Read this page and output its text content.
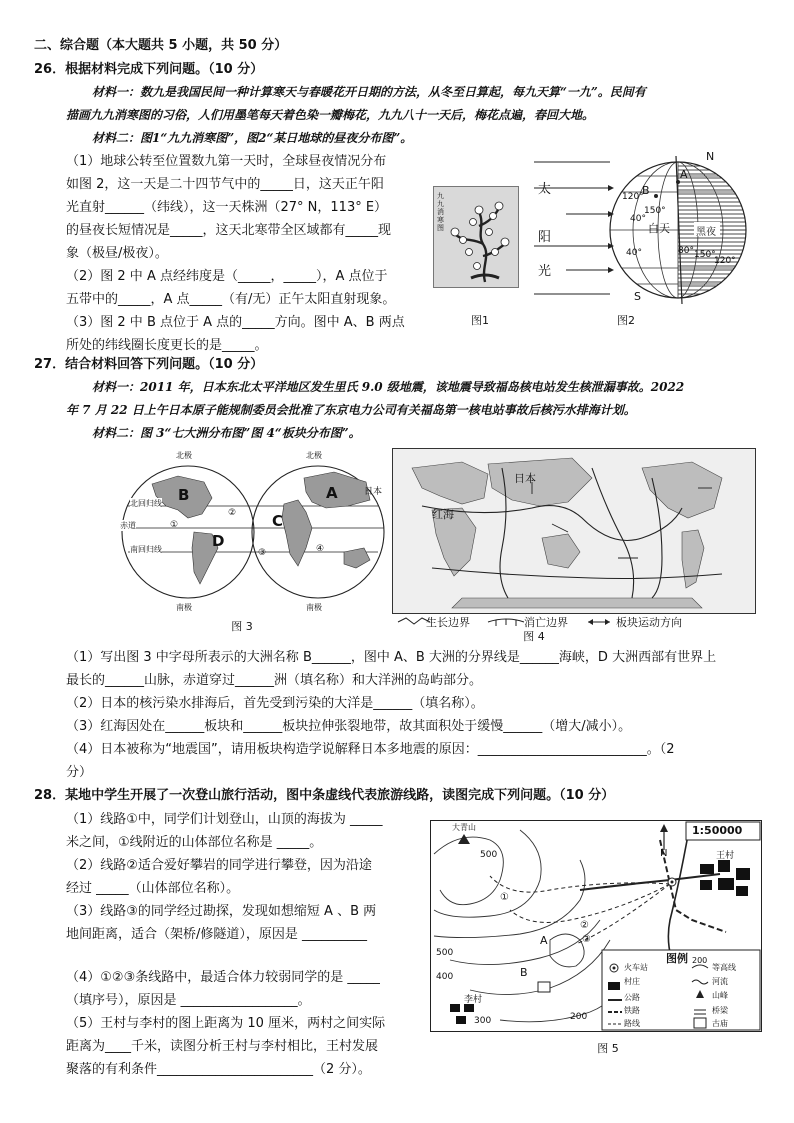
二、综合题（本大题共 5 小题，共 50 分）
26．根据材料完成下列问题。（10 分）
材料一：数九是我国民间一种计算寒天与春暖花开日期的方法，从冬至日算起，每九天算“一九”。民间有
描画九九消寒图的习俗，人们用墨笔每天着色染一瓣梅花，九九八十一天后，梅花点遍，春回大地。
材料二：图1“九九消寒图”，图2“某日地球的昼夜分布图”。
（1）地球公转至位置数九第一天时，全球昼夜情况分布
如图 2，这一天是二十四节气中的_____日，这天正午阳
光直射______（纬线），这一天株洲（27° N，113° E）
的昼夜长短情况是_____，这天北寒带全区域都有_____现
象（极昼/极夜）。
（2）图 2 中 A 点经纬度是（_____，_____），A 点位于
五带中的_____，A 点_____（有/无）正午太阳直射现象。
（3）图 2 中 B 点位于 A 点的_____方向。图中 A、B 两点
所处的纬线圈长度更长的是_____。
九九消寒图
图1
太
阳
光
N
S
A
B
白天	黑夜
120°
150°
40°
40°	80° 150°
120°
图2
27．结合材料回答下列问题。（10 分）
材料一：2011 年，日本东北太平洋地区发生里氏 9.0 级地震，该地震导致福岛核电站发生核泄漏事故。2022
年 7 月 22 日上午日本原子能规制委员会批准了东京电力公司有关福岛第一核电站事故后核污水排海计划。
材料二：图 3“七大洲分布图”图 4“板块分布图”。
北极	北极
南极	南极
北回归线
赤道
南回归线
A
B
C
D
日本
①
②
③	④
图 3
日本
红海
生长边界	消亡边界	板块运动方向
图 4
（1）写出图 3 中字母所表示的大洲名称 B______，图中 A、B 大洲的分界线是______海峡，D 大洲西部有世界上
最长的______山脉，赤道穿过______洲（填名称）和大洋洲的岛屿部分。
（2）日本的核污染水排海后，首先受到污染的大洋是______（填名称）。
（3）红海因处在______板块和______板块拉伸张裂地带，故其面积处于缓慢______（增大/减小）。
（4）日本被称为“地震国”，请用板块构造学说解释日本多地震的原因：__________________________。（2
分）
28．某地中学生开展了一次登山旅行活动，图中条虚线代表旅游线路，读图完成下列问题。（10 分）
（1）线路①中，同学们计划登山，山顶的海拔为 _____
米之间，①线附近的山体部位名称是 _____。
（2）线路②适合爱好攀岩的同学进行攀登，因为沿途
经过 _____（山体部位名称）。
（3）线路③的同学经过勘探，发现如想缩短 A 、B 两
地间距离，适合（架桥/修隧道），原因是 __________
（4）①②③条线路中，最适合体力较弱同学的是 _____
（填序号），原因是 __________________。
（5）王村与李村的图上距离为 10 厘米，两村之间实际
距离为____千米，读图分析王村与李村相比，王村发展
聚落的有利条件________________________（2 分）。
1:50000
N
大青山
王村
李村
500
500
400
300	200
A
B
①
②
③
图例
火车站
200
等高线
村庄	河流
公路	山峰
铁路	桥梁
路线	古庙
图 5
